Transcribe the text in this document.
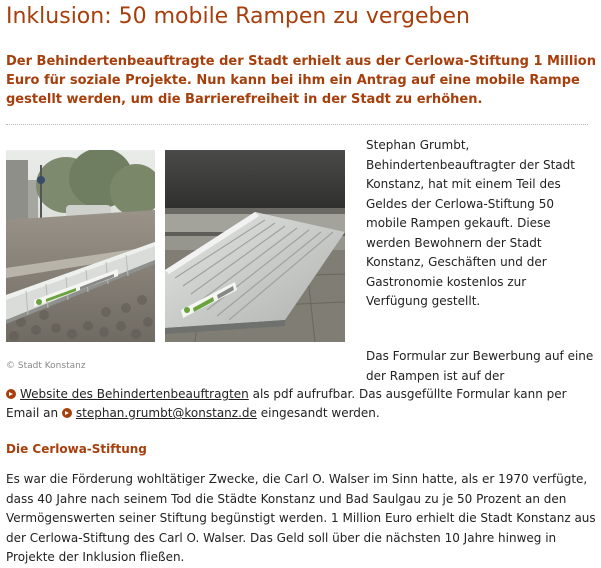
Inklusion: 50 mobile Rampen zu vergeben

Der Behindertenbeauftragte der Stadt erhielt aus der Cerlowa-Stiftung 1 Million Euro für soziale Projekte. Nun kann bei ihm ein Antrag auf eine mobile Rampe gestellt werden, um die Barrierefreiheit in der Stadt zu erhöhen.

© Stadt Konstanz

Stephan Grumbt, Behindertenbeauftragter der Stadt Konstanz, hat mit einem Teil des Geldes der Cerlowa-Stiftung 50 mobile Rampen gekauft. Diese werden Bewohnern der Stadt Konstanz, Geschäften und der Gastronomie kostenlos zur Verfügung gestellt.

Das Formular zur Bewerbung auf eine der Rampen ist auf der

Website des Behindertenbeauftragten als pdf aufrufbar. Das ausgefüllte Formular kann per

Email an stephan.grumbt@konstanz.de eingesandt werden.

Die Cerlowa-Stiftung

Es war die Förderung wohltätiger Zwecke, die Carl O. Walser im Sinn hatte, als er 1970 verfügte, dass 40 Jahre nach seinem Tod die Städte Konstanz und Bad Saulgau zu je 50 Prozent an den Vermögenswerten seiner Stiftung begünstigt werden. 1 Million Euro erhielt die Stadt Konstanz aus der Cerlowa-Stiftung des Carl O. Walser. Das Geld soll über die nächsten 10 Jahre hinweg in Projekte der Inklusion fließen.
